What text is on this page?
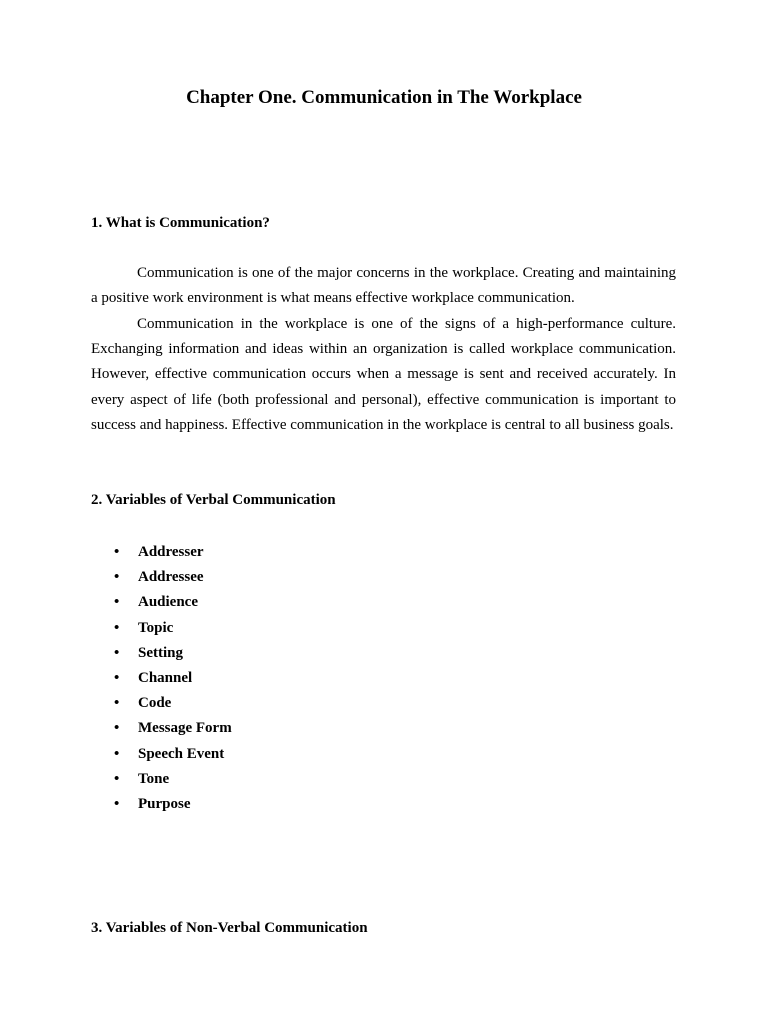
Chapter One. Communication in The Workplace
1. What is Communication?

Communication is one of the major concerns in the workplace. Creating and maintaining a positive work environment is what means effective workplace communication.

Communication in the workplace is one of the signs of a high-performance culture. Exchanging information and ideas within an organization is called workplace communication. However, effective communication occurs when a message is sent and received accurately. In every aspect of life (both professional and personal), effective communication is important to success and happiness. Effective communication in the workplace is central to all business goals.

2. Variables of Verbal Communication
• Addresser
• Addressee
• Audience
• Topic
• Setting
• Channel
• Code
• Message Form
• Speech Event
• Tone
• Purpose
3. Variables of Non-Verbal Communication
